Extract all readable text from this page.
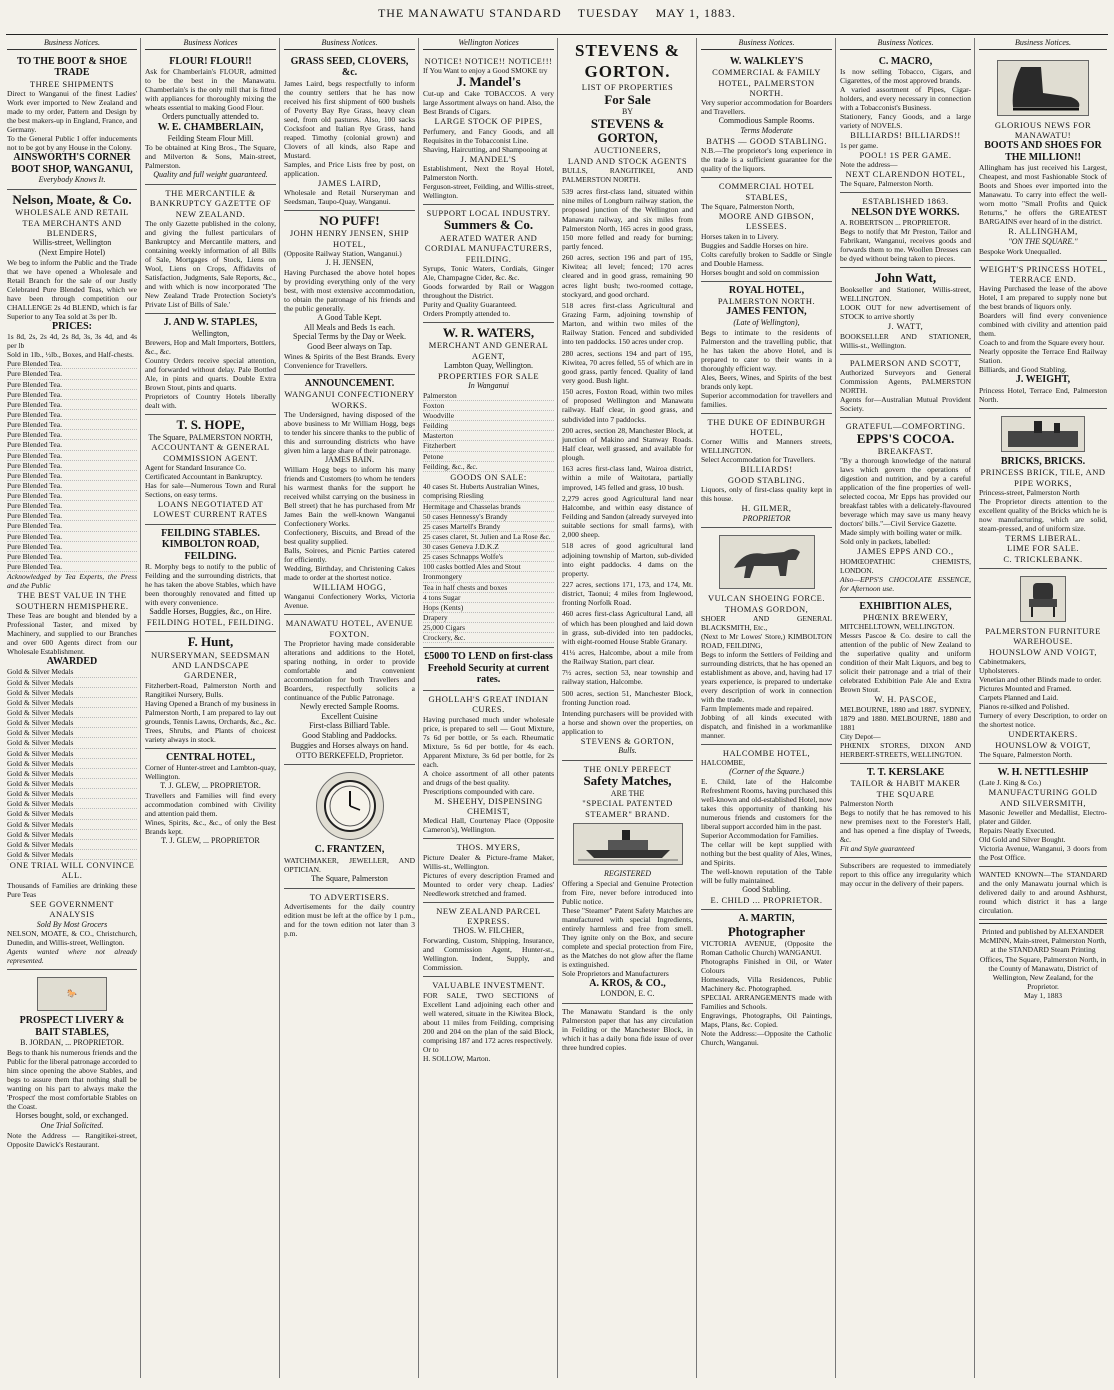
THE MANAWATU STANDARD TUESDAY MAY 1, 1883.
Business Notices.
TO THE BOOT & SHOE TRADE
THREE SHIPMENTS
Direct to Wanganui of the finest Ladies' Work ever imported to New Zealand and made to my order, Pattern and Design by the best makers-up in England, France, and Germany.
To the General Public I offer inducements not to be got by any House in the Colony.
AINSWORTH'S CORNER BOOT SHOP, WANGANUI,
Everybody Knows It.
Nelson, Moate, & Co.
WHOLESALE AND RETAIL TEA MERCHANTS AND BLENDERS,
Willis-street, Wellington
(Next Empire Hotel)
We beg to inform the Public and the Trade that we have opened a Wholesale and Retail Branch for the sale of our Justly Celebrated Pure Blended Teas, which we have been through competition our CHALLENGE 2s 4d BLEND, which is far Superior to any Tea sold at 3s per lb.
PRICES:
1s 8d, 2s, 2s 4d, 2s 8d, 3s, 3s 4d, and 4s per lb
Sold in 1lb., ½lb., Boxes, and Half-chests.
Pure Blended Tea.
Pure Blended Tea.
Pure Blended Tea.
Pure Blended Tea.
Pure Blended Tea.
Pure Blended Tea.
Pure Blended Tea.
Pure Blended Tea.
Pure Blended Tea.
Pure Blended Tea.
Pure Blended Tea.
Pure Blended Tea.
Pure Blended Tea.
Pure Blended Tea.
Pure Blended Tea.
Pure Blended Tea.
Pure Blended Tea.
Pure Blended Tea.
Pure Blended Tea.
Pure Blended Tea.
Pure Blended Tea.
Acknowledged by Tea Experts, the Press and the Public
THE BEST VALUE IN THE SOUTHERN HEMISPHERE.
These Teas are bought and blended by a Professional Taster, and mixed by Machinery, and supplied to our Branches and over 600 Agents direct from our Wholesale Establishment.
AWARDED
Gold & Silver Medals
Gold & Silver Medals
Gold & Silver Medals
Gold & Silver Medals
Gold & Silver Medals
Gold & Silver Medals
Gold & Silver Medals
Gold & Silver Medals
Gold & Silver Medals
Gold & Silver Medals
Gold & Silver Medals
Gold & Silver Medals
Gold & Silver Medals
Gold & Silver Medals
Gold & Silver Medals
Gold & Silver Medals
Gold & Silver Medals
Gold & Silver Medals
Gold & Silver Medals
ONE TRIAL WILL CONVINCE ALL.
Thousands of Families are drinking these Pure Teas
SEE GOVERNMENT ANALYSIS
Sold By Most Grocers
NELSON, MOATE, & CO., Christchurch, Dunedin, and Willis-street, Wellington.
Agents wanted where not already represented.
🐎
PROSPECT LIVERY & BAIT STABLES,
B. JORDAN, ... PROPRIETOR.
Begs to thank his numerous friends and the Public for the liberal patronage accorded to him since opening the above Stables, and begs to assure them that nothing shall be wanting on his part to always make the 'Prospect' the most comfortable Stables on the Coast.
Horses bought, sold, or exchanged.
One Trial Solicited.
Note the Address — Rangitikei-street, Opposite Dawick's Restaurant.
Business Notices
FLOUR! FLOUR!!
Ask for Chamberlain's FLOUR, admitted to be the best in the Manawatu. Chamberlain's is the only mill that is fitted with appliances for thoroughly mixing the wheats essential to making Good Flour.
Orders punctually attended to.
W. E. CHAMBERLAIN,
Feilding Steam Flour Mill.
To be obtained at King Bros., The Square, and Milverton & Sons, Main-street, Palmerston.
Quality and full weight guaranteed.
THE MERCANTILE & BANKRUPTCY GAZETTE OF NEW ZEALAND.
The only Gazette published in the colony, and giving the fullest particulars of Bankruptcy and Mercantile matters, and containing weekly information of all Bills of Sale, Mortgages of Stock, Liens on Wool, Liens on Crops, Affidavits of Satisfaction, Judgments, Sale Reports, &c., and with which is now incorporated 'The New Zealand Trade Protection Society's Private List of Bills of Sale.'
J. AND W. STAPLES,
Wellington,
Brewers, Hop and Malt Importers, Bottlers, &c., &c.
Country Orders receive special attention, and forwarded without delay. Pale Bottled Ale, in pints and quarts. Double Extra Brown Stout, pints and quarts.
Proprietors of Country Hotels liberally dealt with.
T. S. HOPE,
The Square, PALMERSTON NORTH,
ACCOUNTANT & GENERAL COMMISSION AGENT.
Agent for Standard Insurance Co.
Certificated Accountant in Bankruptcy.
Has for sale—Numerous Town and Rural Sections, on easy terms.
LOANS NEGOTIATED AT LOWEST CURRENT RATES
FEILDING STABLES. KIMBOLTON ROAD, FEILDING.
R. Morphy begs to notify to the public of Feilding and the surrounding districts, that he has taken the above Stables, which have been thoroughly renovated and fitted up with every convenience.
Saddle Horses, Buggies, &c., on Hire.
FEILDING HOTEL, FEILDING.
F. Hunt,
NURSERYMAN, SEEDSMAN AND LANDSCAPE GARDENER,
Fitzherbert-Road, Palmerston North and Rangitikei Nursery, Bulls.
Having Opened a Branch of my business in Palmerston North, I am prepared to lay out grounds, Tennis Lawns, Orchards, &c., &c. Trees, Shrubs, and Plants of choicest variety always in stock.
CENTRAL HOTEL,
Corner of Hunter-street and Lambton-quay, Wellington.
T. J. GLEW, ... PROPRIETOR.
Travellers and Families will find every accommodation combined with Civility and attention paid them.
Wines, Spirits, &c., &c., of only the Best Brands kept.
T. J. GLEW, ... PROPRIETOR
Business Notices.
GRASS SEED, CLOVERS, &c.
James Laird, begs respectfully to inform the country settlers that he has now received his first shipment of 600 bushels of Poverty Bay Rye Grass, heavy clean seed, from old pastures. Also, 100 sacks Cocksfoot and Italian Rye Grass, hand reaped. Timothy (colonial grown) and Clovers of all kinds, also Rape and Mustard.
Samples, and Price Lists free by post, on application.
JAMES LAIRD,
Wholesale and Retail Nurseryman and Seedsman, Taupo-Quay, Wanganui.
NO PUFF!
JOHN HENRY JENSEN, SHIP HOTEL,
(Opposite Railway Station, Wanganui.)
J. H. JENSEN,
Having Purchased the above hotel hopes by providing everything only of the very best, with most extensive accommodation, to obtain the patronage of his friends and the public generally.
A Good Table Kept.
All Meals and Beds 1s each.
Special Terms by the Day or Week.
Good Beer always on Tap.
Wines & Spirits of the Best Brands. Every Convenience for Travellers.
ANNOUNCEMENT.
WANGANUI CONFECTIONERY WORKS.
The Undersigned, having disposed of the above business to Mr William Hogg, begs to tender his sincere thanks to the public of this and surrounding districts who have given him a large share of their patronage.
JAMES BAIN.
William Hogg begs to inform his many friends and Customers (to whom he tenders his warmest thanks for the support he received whilst carrying on the business in Bell street) that he has purchased from Mr James Bain the well-known Wanganui Confectionery Works.
Confectionery, Biscuits, and Bread of the best quality supplied.
Balls, Soirees, and Picnic Parties catered for efficiently.
Wedding, Birthday, and Christening Cakes made to order at the shortest notice.
WILLIAM HOGG,
Wanganui Confectionery Works, Victoria Avenue.
MANAWATU HOTEL, AVENUE FOXTON.
The Proprietor having made considerable alterations and additions to the Hotel, sparing nothing, in order to provide comfortable and convenient accommodation for both Travellers and Boarders, respectfully solicits a continuance of the Public Patronage.
Newly erected Sample Rooms.
Excellent Cuisine
First-class Billiard Table.
Good Stabling and Paddocks.
Buggies and Horses always on hand.
OTTO BERKEFELD, Proprietor.
C. FRANTZEN,
WATCHMAKER, JEWELLER, AND OPTICIAN.
The Square, Palmerston
TO ADVERTISERS.
Advertisements for the daily country edition must be left at the office by 1 p.m., and for the town edition not later than 3 p.m.
Wellington Notices
NOTICE! NOTICE!! NOTICE!!!
If You Want to enjoy a Good SMOKE try
J. Mandel's
Cut-up and Cake TOBACCOS. A very large Assortment always on hand. Also, the Best Brands of Cigars.
LARGE STOCK OF PIPES,
Perfumery, and Fancy Goods, and all Requisites in the Tobacconist Line.
Shaving, Haircutting, and Shampooing at
J. MANDEL'S
Establishment, Next the Royal Hotel, Palmerston North.
Ferguson-street, Feilding, and Willis-street, Wellington.
SUPPORT LOCAL INDUSTRY.
Summers & Co.
AERATED WATER AND CORDIAL MANUFACTURERS, FEILDING.
Syrups, Tonic Waters, Cordials, Ginger Ale, Champagne Cider, &c. &c.
Goods forwarded by Rail or Waggon throughout the District.
Purity and Quality Guaranteed.
Orders Promptly attended to.
W. R. WATERS,
MERCHANT AND GENERAL AGENT,
Lambton Quay, Wellington.
PROPERTIES FOR SALE
In Wanganui
Palmerston
Foxton
Woodville
Feilding
Masterton
Fitzherbert
Petone
Feilding, &c., &c.
GOODS ON SALE:
40 cases St. Huberts Australian Wines, comprising Riesling
Hermitage and Chasselas brands
50 cases Hennessy's Brandy
25 cases Martell's Brandy
25 cases claret, St. Julien and La Rose &c.
30 cases Geneva J.D.K.Z
25 cases Schnapps Wolfe's
100 casks bottled Ales and Stout
Ironmongery
Tea in half chests and boxes
4 tons Sugar
Hops (Kents)
Drapery
25,000 Cigars
Crockery, &c.
£5000 TO LEND on first-class Freehold Security at current rates.
GHOLLAH'S GREAT INDIAN CURES.
Having purchased much under wholesale price, is prepared to sell — Gout Mixture, 7s 6d per bottle, or 5s each. Rheumatic Mixture, 5s 6d per bottle, for 4s each. Apparent Mixture, 3s 6d per bottle, for 2s each.
A choice assortment of all other patents and drugs of the best quality.
Prescriptions compounded with care.
M. SHEEHY, DISPENSING CHEMIST,
Medical Hall, Courtenay Place (Opposite Cameron's), Wellington.
THOS. MYERS,
Picture Dealer & Picture-frame Maker, Willis-st., Wellington.
Pictures of every description Framed and Mounted to order very cheap. Ladies' Needlework stretched and framed.
NEW ZEALAND PARCEL EXPRESS.
THOS. W. FILCHER,
Forwarding, Custom, Shipping, Insurance, and Commission Agent, Hunter-st., Wellington. Indent, Supply, and Commission.
VALUABLE INVESTMENT.
FOR SALE, TWO SECTIONS of Excellent Land adjoining each other and well watered, situate in the Kiwitea Block, about 11 miles from Feilding, comprising 200 and 204 on the plan of the said Block, comprising 187 and 172 acres respectively.
Or to
H. SOLLOW, Marton.
STEVENS & GORTON.
LIST OF PROPERTIES
For Sale
BY
STEVENS & GORTON,
AUCTIONEERS,
LAND AND STOCK AGENTS
BULLS, RANGITIKEI, AND PALMERSTON NORTH.
539 acres first-class land, situated within nine miles of Longburn railway station, the proposed junction of the Wellington and Manawatu railway, and six miles from Palmerston North, 165 acres in good grass, 150 more felled and ready for burning; partly fenced.
260 acres, section 196 and part of 195, Kiwitea; all level; fenced; 170 acres cleared and in good grass, remaining 90 acres light bush; two-roomed cottage, stockyard, and good orchard.
518 acres first-class Agricultural and Grazing Farm, adjoining township of Marton, and within two miles of the Railway Station. Fenced and subdivided into ten paddocks. 150 acres under crop.
280 acres, sections 194 and part of 195, Kiwitea, 70 acres felled, 55 of which are in good grass, partly fenced. Quality of land very good. Bush light.
150 acres, Foxton Road, within two miles of proposed Wellington and Manawatu railway. Half clear, in good grass, and subdivided into 7 paddocks.
200 acres, section 28, Manchester Block, at junction of Makino and Stanway Roads. Half clear, well grassed, and available for plough.
163 acres first-class land, Wairoa district, within a mile of Waitotara, partially improved, 145 felled and grass, 10 bush.
2,279 acres good Agricultural land near Halcombe, and within easy distance of Feilding and Sandon (already surveyed into suitable sections for small farms), with 2,000 sheep.
518 acres of good agricultural land adjoining township of Marton, sub-divided into eight paddocks. 4 dams on the property.
227 acres, sections 171, 173, and 174, Mt. district, Taonui; 4 miles from Inglewood, fronting Norfolk Road.
460 acres first-class Agricultural Land, all of which has been ploughed and laid down in grass, sub-divided into ten paddocks, with eight-roomed House Stable Granary.
41¼ acres, Halcombe, about a mile from the Railway Station, part clear.
7½ acres, section 53, near township and railway station, Halcombe.
500 acres, section 51, Manchester Block, fronting Junction road.
Intending purchasers will be provided with a horse and shown over the properties, on application to
STEVENS & GORTON,
Bulls.
THE ONLY PERFECT
Safety Matches,
ARE THE
"SPECIAL PATENTED STEAMER" BRAND.
REGISTERED
Offering a Special and Genuine Protection from Fire, never before introduced into Public notice.
These "Steamer" Patent Safety Matches are manufactured with special Ingredients, entirely harmless and free from smell. They ignite only on the Box, and secure complete and special protection from Fire, as the Matches do not glow after the flame is extinguished.
Sole Proprietors and Manufacturers
A. KROS, & CO.,
LONDON, E. C.
The Manawatu Standard is the only Palmerston paper that has any circulation in Feilding or the Manchester Block, in which it has a daily bona fide issue of over three hundred copies.
Business Notices.
W. WALKLEY'S
COMMERCIAL & FAMILY HOTEL, PALMERSTON NORTH.
Very superior accommodation for Boarders and Travellers.
Commodious Sample Rooms.
Terms Moderate
BATHS — GOOD STABLING.
N.B.—The proprietor's long experience in the trade is a sufficient guarantee for the quality of the liquors.
COMMERCIAL HOTEL STABLES,
The Square, Palmerston North,
MOORE AND GIBSON, LESSEES.
Horses taken in to Livery.
Buggies and Saddle Horses on hire.
Colts carefully broken to Saddle or Single and Double Harness.
Horses bought and sold on commission
ROYAL HOTEL,
PALMERSTON NORTH.
JAMES FENTON,
(Late of Wellington),
Begs to intimate to the residents of Palmerston and the travelling public, that he has taken the above Hotel, and is prepared to cater to their wants in a thoroughly efficient way.
Ales, Beers, Wines, and Spirits of the best brands only kept.
Superior accommodation for travellers and families.
THE DUKE OF EDINBURGH HOTEL,
Corner Willis and Manners streets, WELLINGTON.
Select Accommodation for Travellers.
BILLIARDS!
GOOD STABLING.
Liquors, only of first-class quality kept in this house.
H. GILMER,
PROPRIETOR
VULCAN SHOEING FORCE.
THOMAS GORDON,
SHOER AND GENERAL BLACKSMITH, Etc.,
(Next to Mr Lowes' Store,) KIMBOLTON ROAD, FEILDING,
Begs to inform the Settlers of Feilding and surrounding districts, that he has opened an establishment as above, and, having had 17 years experience, is prepared to undertake every description of work in connection with the trade.
Farm Implements made and repaired.
Jobbing of all kinds executed with dispatch, and finished in a workmanlike manner.
HALCOMBE HOTEL,
HALCOMBE,
(Corner of the Square.)
E. Child, late of the Halcombe Refreshment Rooms, having purchased this well-known and old-established Hotel, now takes this opportunity of thanking his numerous friends and customers for the liberal support accorded him in the past.
Superior Accommodation for Families.
The cellar will be kept supplied with nothing but the best quality of Ales, Wines, and Spirits.
The well-known reputation of the Table will be fully maintained.
Good Stabling.
E. CHILD ... PROPRIETOR.
A. MARTIN,
Photographer
VICTORIA AVENUE, (Opposite the Roman Catholic Church) WANGANUI.
Photographs Finished in Oil, or Water Colours
Homesteads, Villa Residences, Public Machinery &c. Photographed.
SPECIAL ARRANGEMENTS made with Families and Schools.
Engravings, Photographs, Oil Paintings, Maps, Plans, &c. Copied.
Note the Address:—Opposite the Catholic Church, Wanganui.
Business Notices.
C. MACRO,
Is now selling Tobacco, Cigars, and Cigarettes, of the most approved brands.
A varied assortment of Pipes, Cigar-holders, and every necessary in connection with a Tobacconist's Business.
Stationery, Fancy Goods, and a large variety of NOVELS.
BILLIARDS! BILLIARDS!!
1s per game.
POOL! 1S PER GAME.
Note the address—
NEXT CLARENDON HOTEL,
The Square, Palmerston North.
ESTABLISHED 1863.
NELSON DYE WORKS.
A. ROBERTSON ... PROPRIETOR.
Begs to notify that Mr Preston, Tailor and Fabrikant, Wanganui, receives goods and forwards them to me. Woollen Dresses can be dyed without being taken to pieces.
John Watt,
Bookseller and Stationer, Willis-street, WELLINGTON.
LOOK OUT for new advertisement of STOCK to arrive shortly
J. WATT,
BOOKSELLER AND STATIONER, Willis-st., Wellington.
PALMERSON AND SCOTT,
Authorized Surveyors and General Commission Agents, PALMERSTON NORTH.
Agents for—Australian Mutual Provident Society.
GRATEFUL—COMFORTING.
EPPS'S COCOA.
BREAKFAST.
"By a thorough knowledge of the natural laws which govern the operations of digestion and nutrition, and by a careful application of the fine properties of well-selected cocoa, Mr Epps has provided our breakfast tables with a delicately-flavoured beverage which may save us many heavy doctors' bills."—Civil Service Gazette.
Made simply with boiling water or milk.
Sold only in packets, labelled:
JAMES EPPS AND CO.,
HOMŒOPATHIC CHEMISTS, LONDON.
Also—EPPS'S CHOCOLATE ESSENCE, for Afternoon use.
EXHIBITION ALES,
PHŒNIX BREWERY,
MITCHELLTOWN, WELLINGTON.
Messrs Pascoe & Co. desire to call the attention of the public of New Zealand to the superlative quality and uniform condition of their Malt Liquors, and beg to solicit their patronage and a trial of their celebrated Exhibition Pale Ale and Extra Brown Stout.
W. H. PASCOE,
MELBOURNE, 1880 and 1887. SYDNEY, 1879 and 1880. MELBOURNE, 1880 and 1881
City Depot—
PHŒNIX STORES, DIXON AND HERBERT-STREETS, WELLINGTON.
T. T. KERSLAKE
TAILOR & HABIT MAKER
THE SQUARE
Palmerston North
Begs to notify that he has removed to his new premises next to the Forester's Hall, and has opened a fine display of Tweeds, &c.
Fit and Style guaranteed
Subscribers are requested to immediately report to this office any irregularity which may occur in the delivery of their papers.
Business Notices.
GLORIOUS NEWS FOR MANAWATU!
BOOTS AND SHOES FOR THE MILLION!!
Allingham has just received his Largest, Cheapest, and most Fashionable Stock of Boots and Shoes ever imported into the Manawatu. To carry into effect the well-worn motto "Small Profits and Quick Returns," he offers the GREATEST BARGAINS ever heard of in the district.
R. ALLINGHAM,
"ON THE SQUARE."
Bespoke Work Unequalled.
WEIGHT'S PRINCESS HOTEL, TERRACE END.
Having Purchased the lease of the above Hotel, I am prepared to supply none but the best brands of liquors only.
Boarders will find every convenience combined with civility and attention paid them.
Coach to and from the Square every hour.
Nearly opposite the Terrace End Railway Station.
Billiards, and Good Stabling.
J. WEIGHT,
Princess Hotel, Terrace End, Palmerston North.
BRICKS, BRICKS.
PRINCESS BRICK, TILE, AND PIPE WORKS,
Princess-street, Palmerston North
The Proprietor directs attention to the excellent quality of the Bricks which he is now manufacturing, which are solid, steam-pressed, and of uniform size.
TERMS LIBERAL.
LIME FOR SALE.
C. TRICKLEBANK.
PALMERSTON FURNITURE WAREHOUSE.
HOUNSLOW AND VOIGT,
Cabinetmakers,
Upholsterers.
Venetian and other Blinds made to order.
Pictures Mounted and Framed.
Carpets Planned and Laid.
Pianos re-silked and Polished.
Turnery of every Description, to order on the shortest notice.
UNDERTAKERS.
HOUNSLOW & VOIGT,
The Square, Palmerston North.
W. H. NETTLESHIP
(Late J. King & Co.)
MANUFACTURING GOLD AND SILVERSMITH,
Masonic Jeweller and Medallist, Electro-plater and Gilder.
Repairs Neatly Executed.
Old Gold and Silver Bought.
Victoria Avenue, Wanganui, 3 doors from the Post Office.
WANTED KNOWN—The STANDARD and the only Manawatu journal which is delivered daily to and around Ashhurst, round which district it has a large circulation.
Printed and published by ALEXANDER McMINN, Main-street, Palmerston North, at the STANDARD Steam Printing Offices, The Square, Palmerston North, in the County of Manawatu, District of Wellington, New Zealand, for the Proprietor.
May 1, 1883
